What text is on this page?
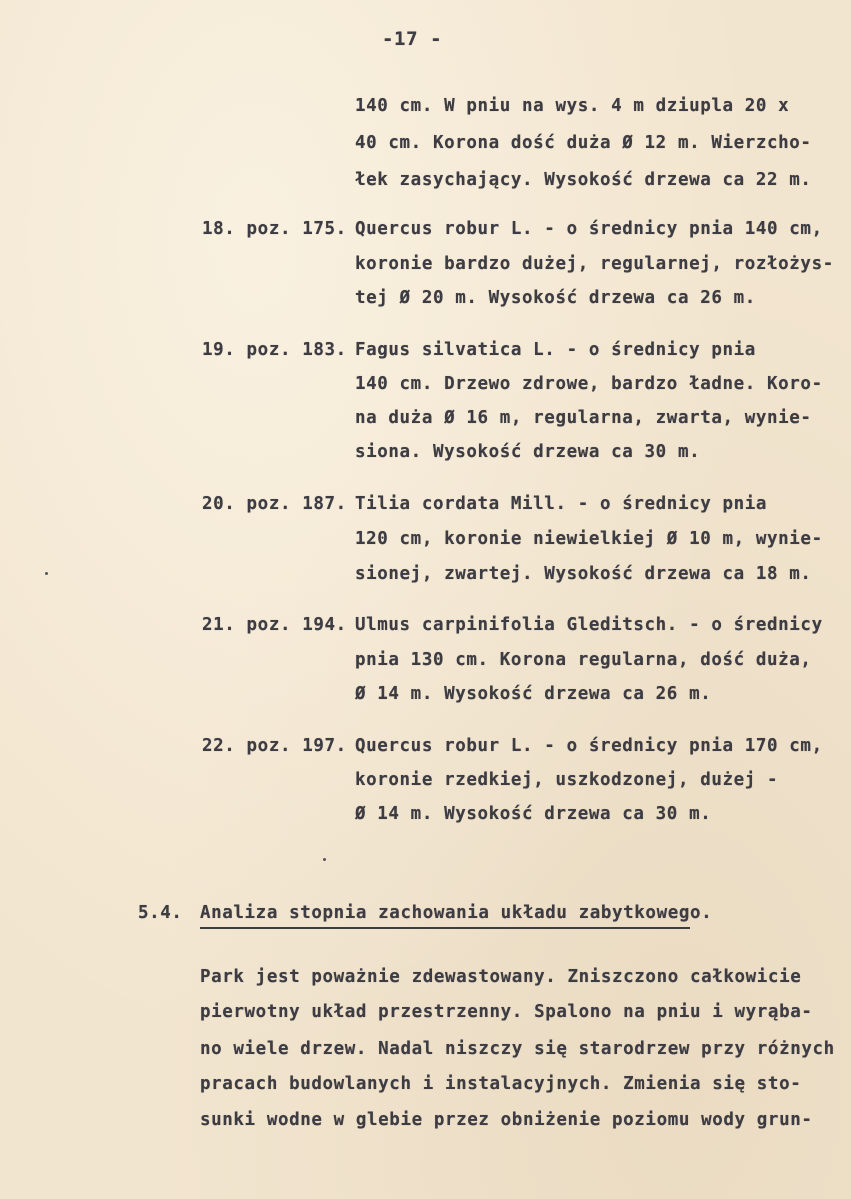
-17 -
140 cm. W pniu na wys. 4 m dziupla 20 x
40 cm. Korona dość duża Ø 12 m. Wierzcho-
łek zasychający. Wysokość drzewa ca 22 m.
18. poz. 175. Quercus robur L. - o średnicy pnia 140 cm,
koronie bardzo dużej, regularnej, rozłożys-
tej Ø 20 m. Wysokość drzewa ca 26 m.
19. poz. 183. Fagus silvatica L. - o średnicy pnia
140 cm. Drzewo zdrowe, bardzo ładne. Koro-
na duża Ø 16 m, regularna, zwarta, wynie-
siona. Wysokość drzewa ca 30 m.
20. poz. 187. Tilia cordata Mill. - o średnicy pnia
120 cm, koronie niewielkiej Ø 10 m, wynie-
sionej, zwartej. Wysokość drzewa ca 18 m.
21. poz. 194. Ulmus carpinifolia Gleditsch. - o średnicy
pnia 130 cm. Korona regularna, dość duża,
Ø 14 m. Wysokość drzewa ca 26 m.
22. poz. 197. Quercus robur L. - o średnicy pnia 170 cm,
koronie rzedkiej, uszkodzonej, dużej -
Ø 14 m. Wysokość drzewa ca 30 m.
5.4. Analiza stopnia zachowania układu zabytkowego.
Park jest poważnie zdewastowany. Zniszczono całkowicie
pierwotny układ przestrzenny. Spalono na pniu i wyrąba-
no wiele drzew. Nadal niszczy się starodrzew przy różnych
pracach budowlanych i instalacyjnych. Zmienia się sto-
sunki wodne w glebie przez obniżenie poziomu wody grun-
